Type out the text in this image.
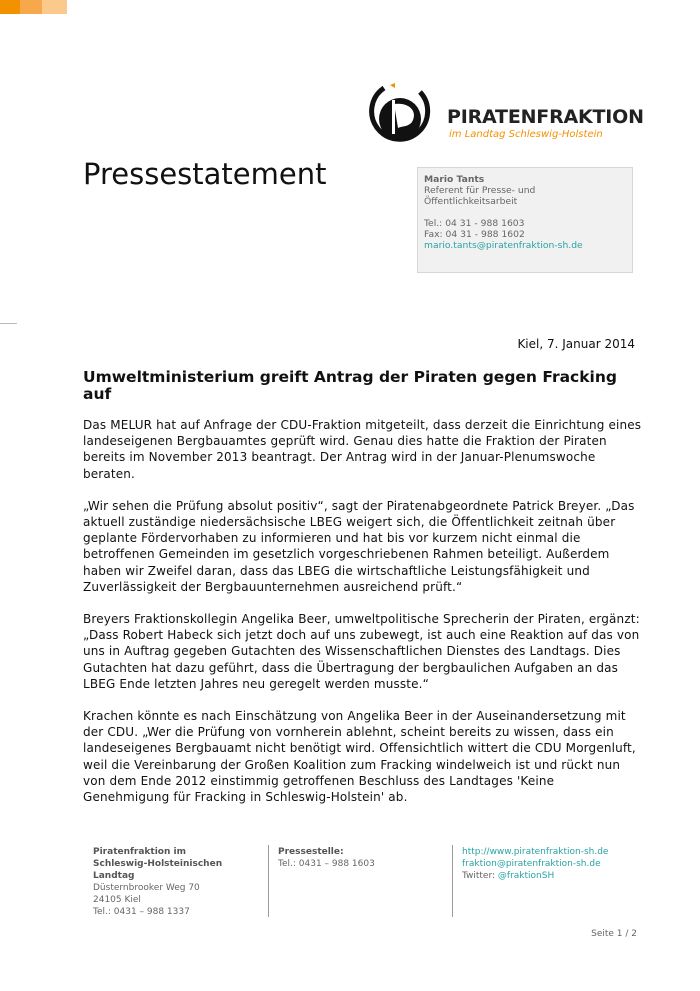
PIRATENFRAKTION
im Landtag Schleswig-Holstein
Pressestatement	Mario Tants
Referent für Presse- und Öffentlichkeitsarbeit
Tel.: 04 31 - 988 1603
Fax: 04 31 - 988 1602
mario.tants@piratenfraktion-sh.de
Kiel, 7. Januar 2014
Umweltministerium greift Antrag der Piraten gegen Fracking auf

Das MELUR hat auf Anfrage der CDU-Fraktion mitgeteilt, dass derzeit die Einrichtung eines landeseigenen Bergbauamtes geprüft wird. Genau dies hatte die Fraktion der Piraten bereits im November 2013 beantragt. Der Antrag wird in der Januar-Plenumswoche beraten.

„Wir sehen die Prüfung absolut positiv“, sagt der Piratenabgeordnete Patrick Breyer. „Das aktuell zuständige niedersächsische LBEG weigert sich, die Öffentlichkeit zeitnah über geplante Fördervorhaben zu informieren und hat bis vor kurzem nicht einmal die betroffenen Gemeinden im gesetzlich vorgeschriebenen Rahmen beteiligt. Außerdem haben wir Zweifel daran, dass das LBEG die wirtschaftliche Leistungsfähigkeit und Zuverlässigkeit der Bergbauunternehmen ausreichend prüft.“

Breyers Fraktionskollegin Angelika Beer, umweltpolitische Sprecherin der Piraten, ergänzt: „Dass Robert Habeck sich jetzt doch auf uns zubewegt, ist auch eine Reaktion auf das von uns in Auftrag gegeben Gutachten des Wissenschaftlichen Dienstes des Landtags. Dies Gutachten hat dazu geführt, dass die Übertragung der bergbaulichen Aufgaben an das LBEG Ende letzten Jahres neu geregelt werden musste.“

Krachen könnte es nach Einschätzung von Angelika Beer in der Auseinandersetzung mit der CDU. „Wer die Prüfung von vornherein ablehnt, scheint bereits zu wissen, dass ein landeseigenes Bergbauamt nicht benötigt wird. Offensichtlich wittert die CDU Morgenluft, weil die Vereinbarung der Großen Koalition zum Fracking windelweich ist und rückt nun von dem Ende 2012 einstimmig getroffenen Beschluss des Landtages 'Keine Genehmigung für Fracking in Schleswig-Holstein' ab.

Piratenfraktion im
Schleswig-Holsteinischen
Landtag
Düsternbrooker Weg 70
24105 Kiel
Tel.: 0431 – 988 1337
Pressestelle:
Tel.: 0431 – 988 1603
http://www.piratenfraktion-sh.de
fraktion@piratenfraktion-sh.de
Twitter: @fraktionSH
Seite 1 / 2
